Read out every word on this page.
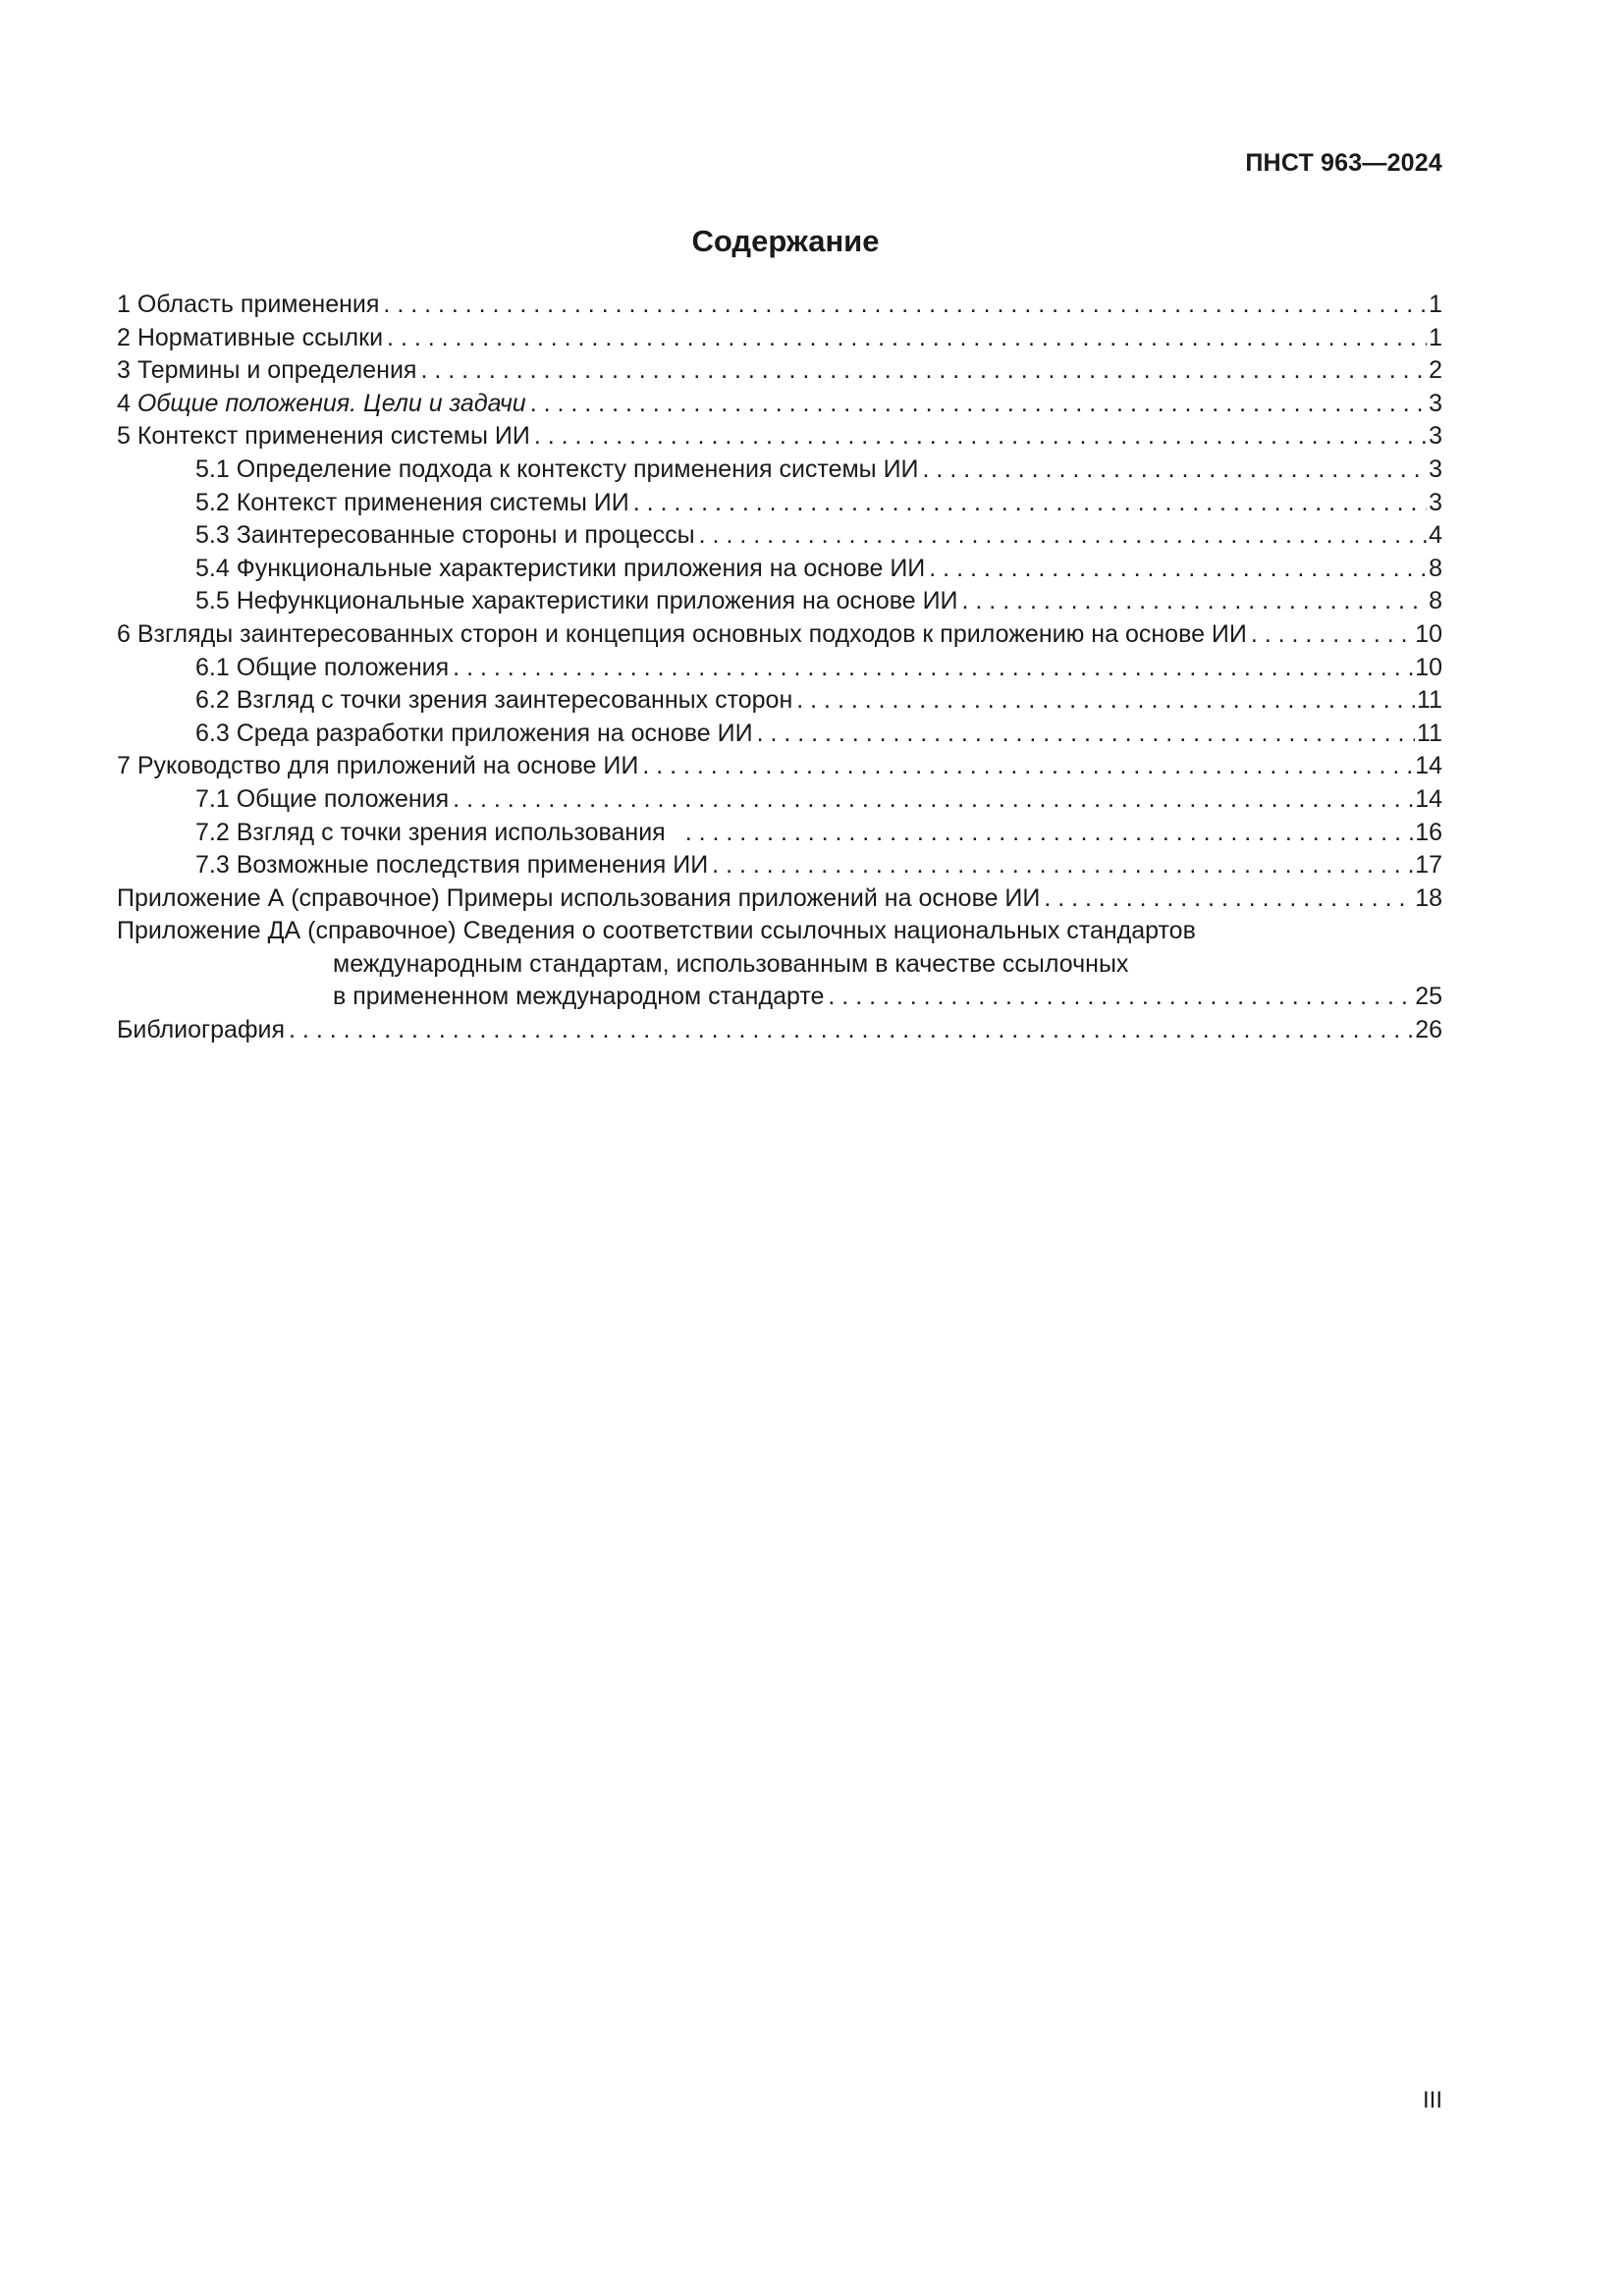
ПНСТ 963—2024
Содержание
1 Область применения . . .	1
2 Нормативные ссылки . . .	1
3 Термины и определения . . .	2
4 Общие положения. Цели и задачи . . .	3
5 Контекст применения системы ИИ . . .	3
5.1 Определение подхода к контексту применения системы ИИ . . .	3
5.2 Контекст применения системы ИИ . . .	3
5.3 Заинтересованные стороны и процессы . . .	4
5.4 Функциональные характеристики приложения на основе ИИ . . .	8
5.5 Нефункциональные характеристики приложения на основе ИИ . . .	8
6 Взгляды заинтересованных сторон и концепция основных подходов к приложению на основе ИИ . . .	10
6.1 Общие положения . . .	10
6.2 Взгляд с точки зрения заинтересованных сторон . . .	11
6.3 Среда разработки приложения на основе ИИ . . .	11
7 Руководство для приложений на основе ИИ . . .	14
7.1 Общие положения . . .	14
7.2 Взгляд с точки зрения использования . . .	16
7.3 Возможные последствия применения ИИ . . .	17
Приложение А (справочное) Примеры использования приложений на основе ИИ . . .	18
Приложение ДА (справочное) Сведения о соответствии ссылочных национальных стандартов
международным стандартам, использованным в качестве ссылочных
в примененном международном стандарте . . .	25
Библиография . . .	26
III
